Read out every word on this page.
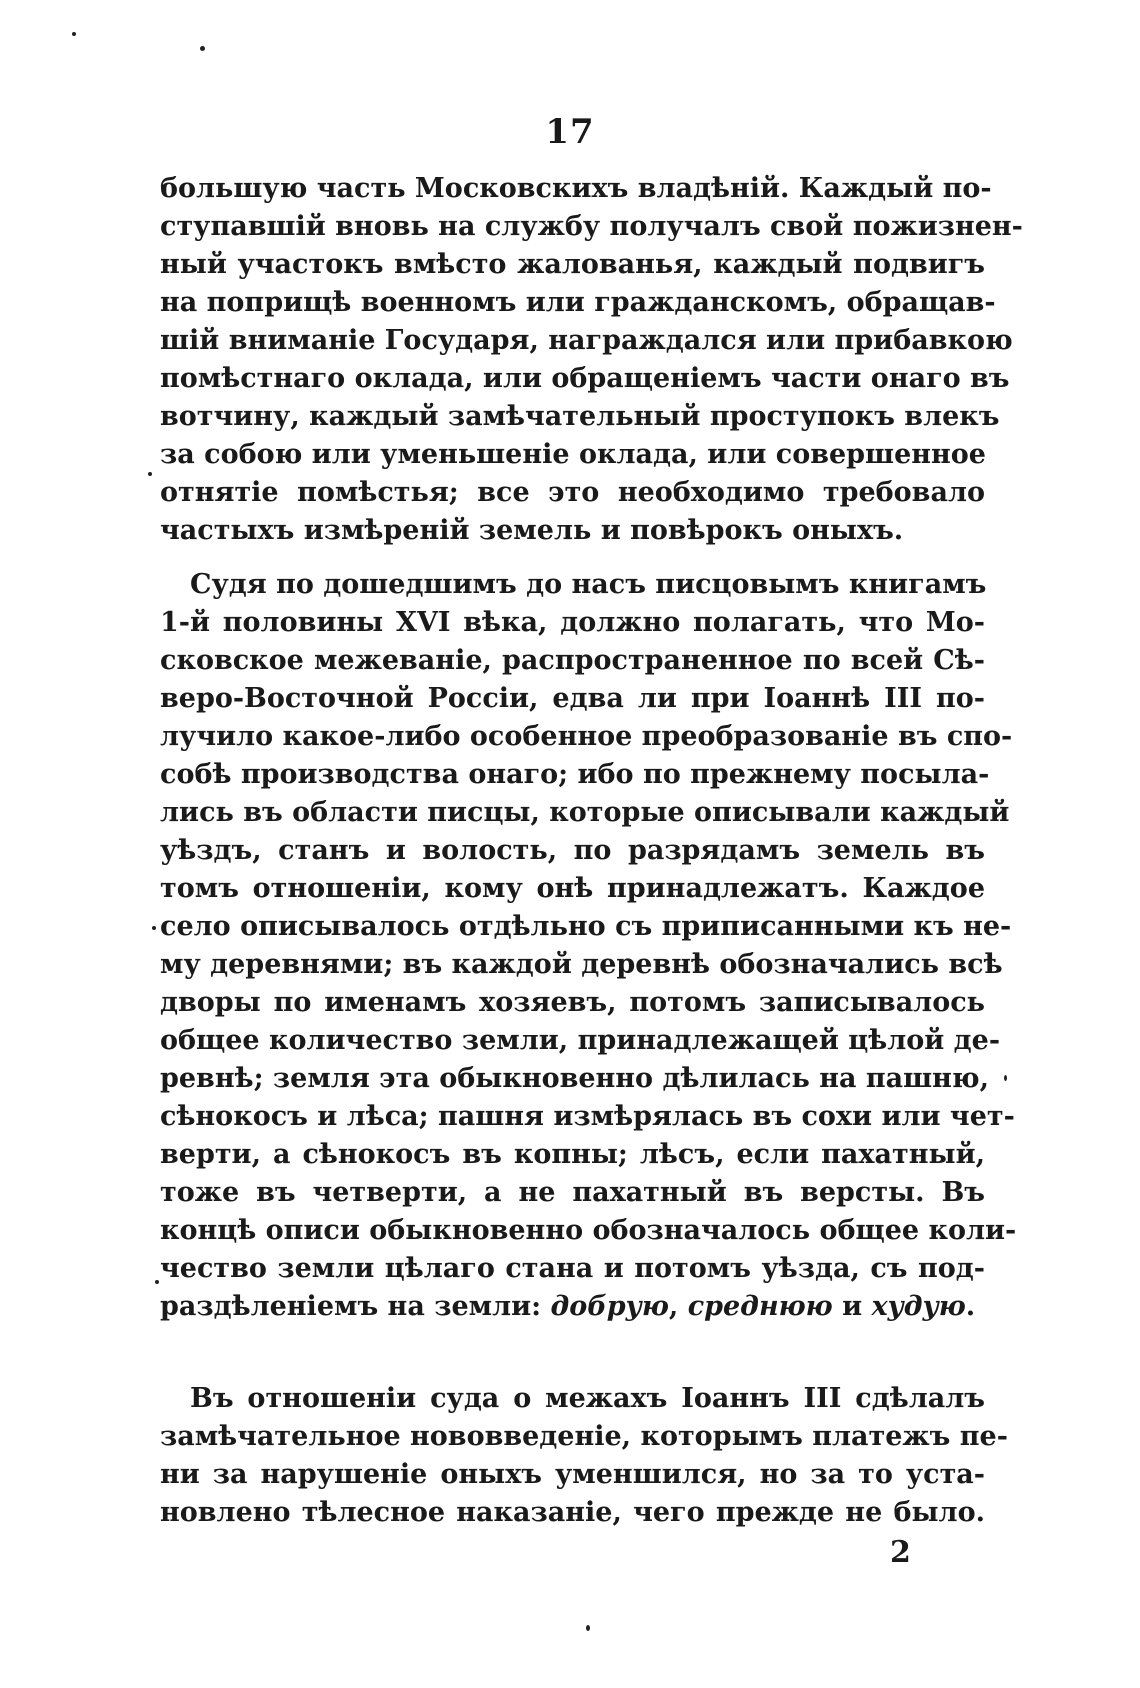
17
большую часть Московскихъ владѣній. Каждый по-
ступавшій вновь на службу получалъ свой пожизнен-
ный участокъ вмѣсто жалованья, каждый подвигъ
на поприщѣ военномъ или гражданскомъ, обращав-
шій вниманіе Государя, награждался или прибавкою
помѣстнаго оклада, или обращеніемъ части онаго въ
вотчину, каждый замѣчательный проступокъ влекъ
за собою или уменьшеніе оклада, или совершенное
отнятіе помѣстья; все это необходимо требовало
частыхъ измѣреній земель и повѣрокъ оныхъ.
Судя по дошедшимъ до насъ писцовымъ книгамъ
1-й половины XVI вѣка, должно полагать, что Мо-
сковское межеваніе, распространенное по всей Сѣ-
веро-Восточной Россіи, едва ли при Іоаннѣ III по-
лучило какое-либо особенное преобразованіе въ спо-
собѣ производства онаго; ибо по прежнему посыла-
лись въ области писцы, которые описывали каждый
уѣздъ, станъ и волость, по разрядамъ земель въ
томъ отношеніи, кому онѣ принадлежатъ. Каждое
село описывалось отдѣльно съ приписанными къ не-
му деревнями; въ каждой деревнѣ обозначались всѣ
дворы по именамъ хозяевъ, потомъ записывалось
общее количество земли, принадлежащей цѣлой де-
ревнѣ; земля эта обыкновенно дѣлилась на пашню,
сѣнокосъ и лѣса; пашня измѣрялась въ сохи или чет-
верти, а сѣнокосъ въ копны; лѣсъ, если пахатный,
тоже въ четверти, а не пахатный въ версты. Въ
концѣ описи обыкновенно обозначалось общее коли-
чество земли цѣлаго стана и потомъ уѣзда, съ под-
раздѣленіемъ на земли: добрую, среднюю и худую.
Въ отношеніи суда о межахъ Іоаннъ III сдѣлалъ
замѣчательное нововведеніе, которымъ платежъ пе-
ни за нарушеніе оныхъ уменшился, но за то уста-
новлено тѣлесное наказаніе, чего прежде не было.
2
